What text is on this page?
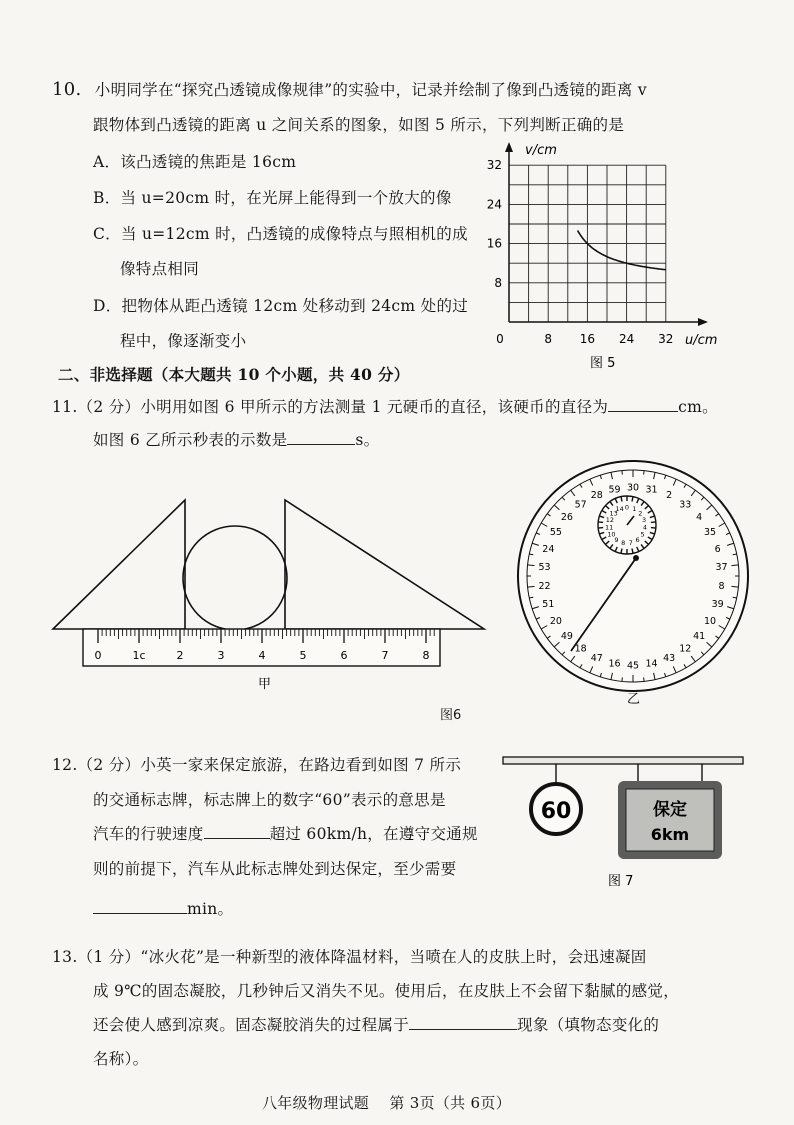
10. 小明同学在“探究凸透镜成像规律”的实验中，记录并绘制了像到凸透镜的距离 v
跟物体到凸透镜的距离 u 之间关系的图象，如图 5 所示，下列判断正确的是
A．该凸透镜的焦距是 16cm
B．当 u=20cm 时，在光屏上能得到一个放大的像
C．当 u=12cm 时，凸透镜的成像特点与照相机的成
像特点相同
D．把物体从距凸透镜 12cm 处移动到 24cm 处的过
程中，像逐渐变小
32
24
16
8
0	8 16 24 32
v/cm
u/cm
图 5
二、非选择题（本大题共 10 个小题，共 40 分）
11.（2 分）小明用如图 6 甲所示的方法测量 1 元硬币的直径，该硬币的直径为	cm。
如图 6 乙所示秒表的示数是	s。
0	1c	2	3	4	5	6	7	8
甲
图6
30 31
2
33
4
35
6
37
8
39
10
41
12
43
14
45
16
47
18
49
20
51
22
53
24
55
26
57
28
59
0 1
2
3
4
5
6
7
8
9
10
11
12
13
14
乙
12.（2 分）小英一家来保定旅游，在路边看到如图 7 所示
的交通标志牌，标志牌上的数字“60”表示的意思是
汽车的行驶速度	超过 60km/h，在遵守交通规
则的前提下，汽车从此标志牌处到达保定，至少需要
min。
60	保定
6km
图 7
13.（1 分）“冰火花”是一种新型的液体降温材料，当喷在人的皮肤上时，会迅速凝固
成 9℃的固态凝胶，几秒钟后又消失不见。使用后，在皮肤上不会留下黏腻的感觉，
还会使人感到凉爽。固态凝胶消失的过程属于	现象（填物态变化的
名称）。
八年级物理试题    第 3页（共 6页）
